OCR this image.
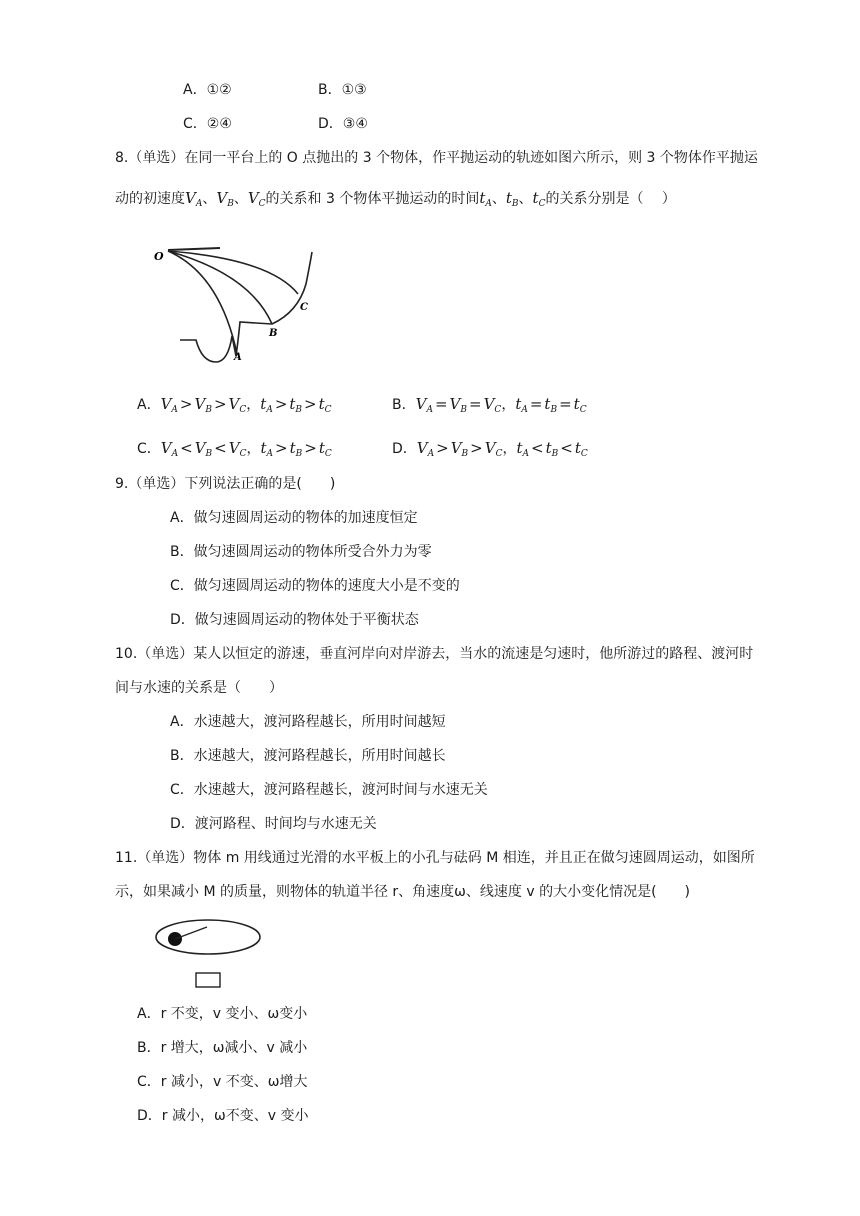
A．①②	B．①③
C．②④	D．③④
8.（单选）在同一平台上的 O 点抛出的 3 个物体，作平抛运动的轨迹如图六所示，则 3 个物体作平抛运
动的初速度$V_A$、$V_B$、$V_C$的关系和 3 个物体平抛运动的时间$t_A$、$t_B$、$t_C$的关系分别是（　 ）
O
A
B
C
A．$V_A > V_B > V_C$，$t_A > t_B > t_C$	B．$V_A = V_B = V_C$，$t_A = t_B = t_C$
C．$V_A < V_B < V_C$，$t_A > t_B > t_C$	D．$V_A > V_B > V_C$，$t_A < t_B < t_C$
9.（单选）下列说法正确的是(　　)
A．做匀速圆周运动的物体的加速度恒定
B．做匀速圆周运动的物体所受合外力为零
C．做匀速圆周运动的物体的速度大小是不变的
D．做匀速圆周运动的物体处于平衡状态
10.（单选）某人以恒定的游速，垂直河岸向对岸游去，当水的流速是匀速时，他所游过的路程、渡河时
间与水速的关系是（　　）
A．水速越大，渡河路程越长，所用时间越短
B．水速越大，渡河路程越长，所用时间越长
C．水速越大，渡河路程越长，渡河时间与水速无关
D．渡河路程、时间均与水速无关
11.（单选）物体 m 用线通过光滑的水平板上的小孔与砝码 M 相连，并且正在做匀速圆周运动，如图所
示，如果减小 M 的质量，则物体的轨道半径 r、角速度ω、线速度 v 的大小变化情况是(　　)
A．r 不变，v 变小、ω变小
B．r 增大，ω减小、v 减小
C．r 减小，v 不变、ω增大
D．r 减小，ω不变、v 变小
